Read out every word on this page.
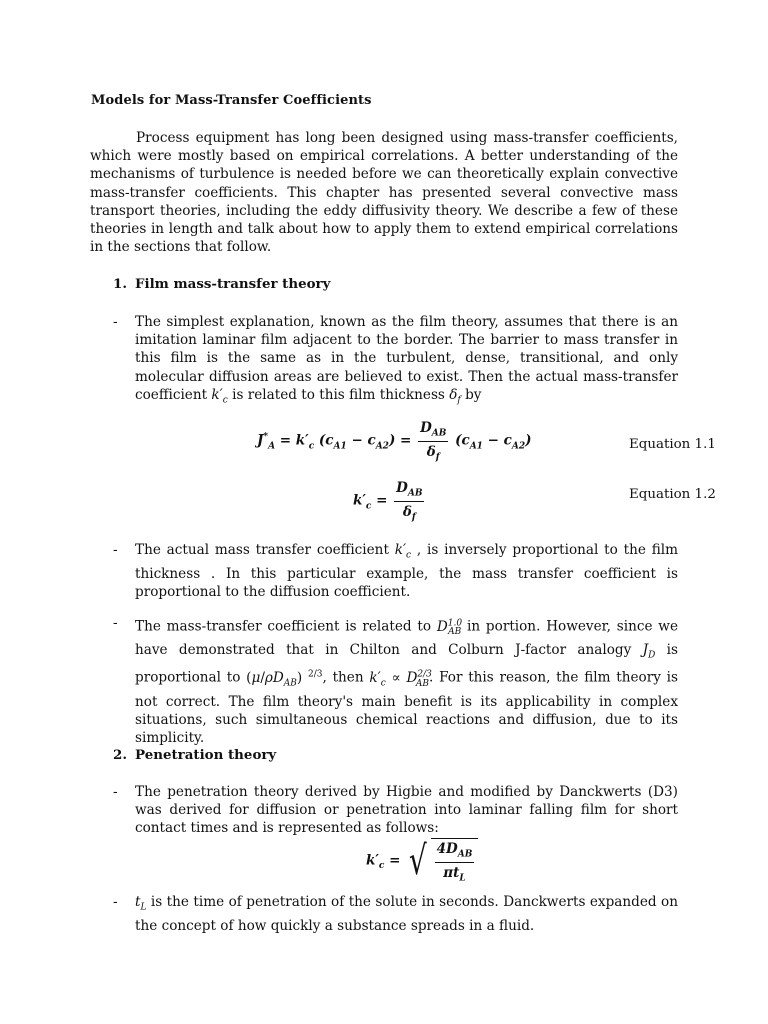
Models for Mass-Transfer Coefficients

Process equipment has long been designed using mass-transfer coefficients, which were mostly based on empirical correlations. A better understanding of the mechanisms of turbulence is needed before we can theoretically explain convective mass-transfer coefficients. This chapter has presented several convective mass transport theories, including the eddy diffusivity theory. We describe a few of these theories in length and talk about how to apply them to extend empirical correlations in the sections that follow.

1. Film mass-transfer theory
- The simplest explanation, known as the film theory, assumes that there is an imitation laminar film adjacent to the border. The barrier to mass transfer in this film is the same as in the turbulent, dense, transitional, and only molecular diffusion areas are believed to exist. Then the actual mass-transfer coefficient $k'_c$ is related to this film thickness $\delta_f$ by
$J^*_A = k'_c$ $(c_{A1} - c_{A2}) = \frac{D_{AB}}{\delta_f} (c_{A1} - c_{A2})$	Equation 1.1
$k'_c = \frac{D_{AB}}{\delta_f}$	Equation 1.2
- The actual mass transfer coefficient $k'_c$ , is inversely proportional to the film thickness . In this particular example, the mass transfer coefficient is proportional to the diffusion coefficient.
- The mass-transfer coefficient is related to $D^{1.0}_{AB}$ in portion. However, since we have demonstrated that in Chilton and Colburn J-factor analogy $J_D$ is proportional to $(\mu/\rho D_{AB})$ $^{2/3}$, then $k'_c \propto D^{2/3}_{AB}$. For this reason, the film theory is not correct. The film theory's main benefit is its applicability in complex situations, such simultaneous chemical reactions and diffusion, due to its simplicity.
2. Penetration theory
- The penetration theory derived by Higbie and modified by Danckwerts (D3) was derived for diffusion or penetration into laminar falling film for short contact times and is represented as follows:
$k'_c$ = √ $\frac{4D_{AB}}{\pi t_L}$
- $t_L$ is the time of penetration of the solute in seconds. Danckwerts expanded on the concept of how quickly a substance spreads in a fluid.
